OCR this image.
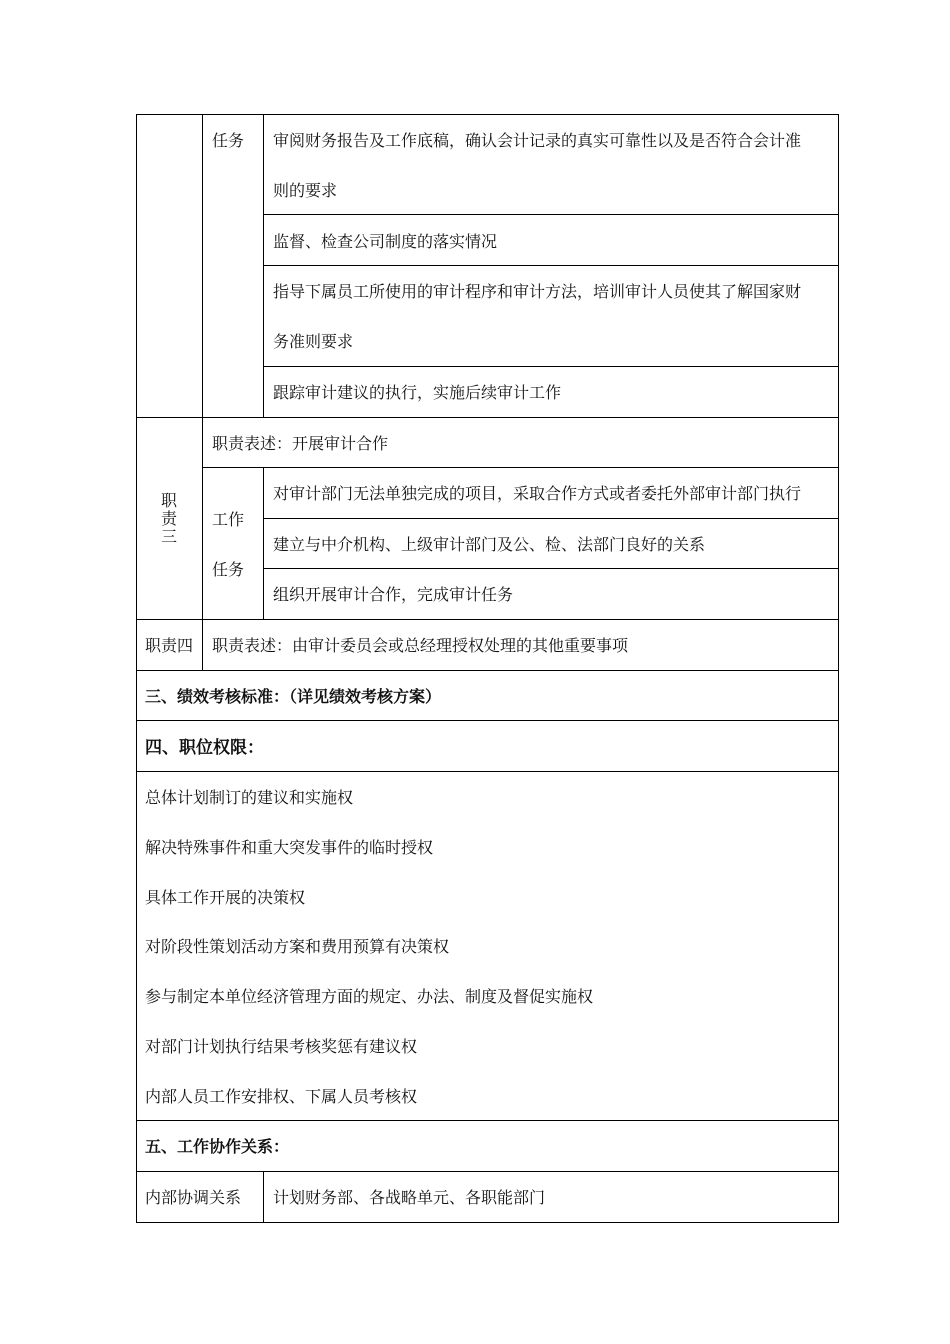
任务 审阅财务报告及工作底稿，确认会计记录的真实可靠性以及是否符合会计准
则的要求
监督、检查公司制度的落实情况
指导下属员工所使用的审计程序和审计方法，培训审计人员使其了解国家财
务准则要求
跟踪审计建议的执行，实施后续审计工作
职责三
职责表述：开展审计合作
工作
任务
对审计部门无法单独完成的项目，采取合作方式或者委托外部审计部门执行
建立与中介机构、上级审计部门及公、检、法部门良好的关系
组织开展审计合作，完成审计任务
职责四 职责表述：由审计委员会或总经理授权处理的其他重要事项
三、绩效考核标准：（详见绩效考核方案）
四、职位权限：
总体计划制订的建议和实施权
解决特殊事件和重大突发事件的临时授权
具体工作开展的决策权
对阶段性策划活动方案和费用预算有决策权
参与制定本单位经济管理方面的规定、办法、制度及督促实施权
对部门计划执行结果考核奖惩有建议权
内部人员工作安排权、下属人员考核权
五、工作协作关系：
内部协调关系 计划财务部、各战略单元、各职能部门
